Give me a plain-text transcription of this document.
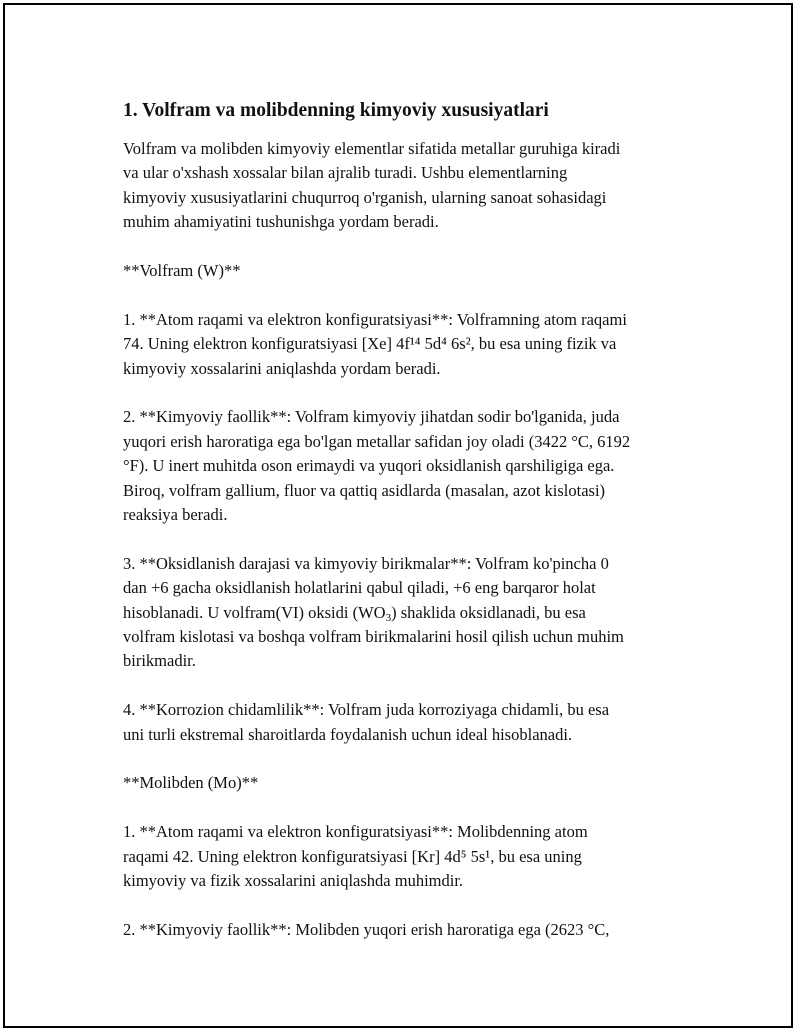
1. Volfram va molibdenning kimyoviy xususiyatlari
Volfram va molibden kimyoviy elementlar sifatida metallar guruhiga kiradi
va ular o'xshash xossalar bilan ajralib turadi. Ushbu elementlarning
kimyoviy xususiyatlarini chuqurroq o'rganish, ularning sanoat sohasidagi
muhim ahamiyatini tushunishga yordam beradi.
**Volfram (W)**
1. **Atom raqami va elektron konfiguratsiyasi**: Volframning atom raqami
74. Uning elektron konfiguratsiyasi [Xe] 4f¹⁴ 5d⁴ 6s², bu esa uning fizik va
kimyoviy xossalarini aniqlashda yordam beradi.
2. **Kimyoviy faollik**: Volfram kimyoviy jihatdan sodir bo'lganida, juda
yuqori erish haroratiga ega bo'lgan metallar safidan joy oladi (3422 °C, 6192
°F). U inert muhitda oson erimaydi va yuqori oksidlanish qarshiligiga ega.
Biroq, volfram gallium, fluor va qattiq asidlarda (masalan, azot kislotasi)
reaksiya beradi.
3. **Oksidlanish darajasi va kimyoviy birikmalar**: Volfram ko'pincha 0
dan +6 gacha oksidlanish holatlarini qabul qiladi, +6 eng barqaror holat
hisoblanadi. U volfram(VI) oksidi $(WO_3)$ shaklida oksidlanadi, bu esa
volfram kislotasi va boshqa volfram birikmalarini hosil qilish uchun muhim
birikmadir.
4. **Korrozion chidamlilik**: Volfram juda korroziyaga chidamli, bu esa
uni turli ekstremal sharoitlarda foydalanish uchun ideal hisoblanadi.
**Molibden (Mo)**
1. **Atom raqami va elektron konfiguratsiyasi**: Molibdenning atom
raqami 42. Uning elektron konfiguratsiyasi [Kr] 4d⁵ 5s¹, bu esa uning
kimyoviy va fizik xossalarini aniqlashda muhimdir.
2. **Kimyoviy faollik**: Molibden yuqori erish haroratiga ega (2623 °C,
